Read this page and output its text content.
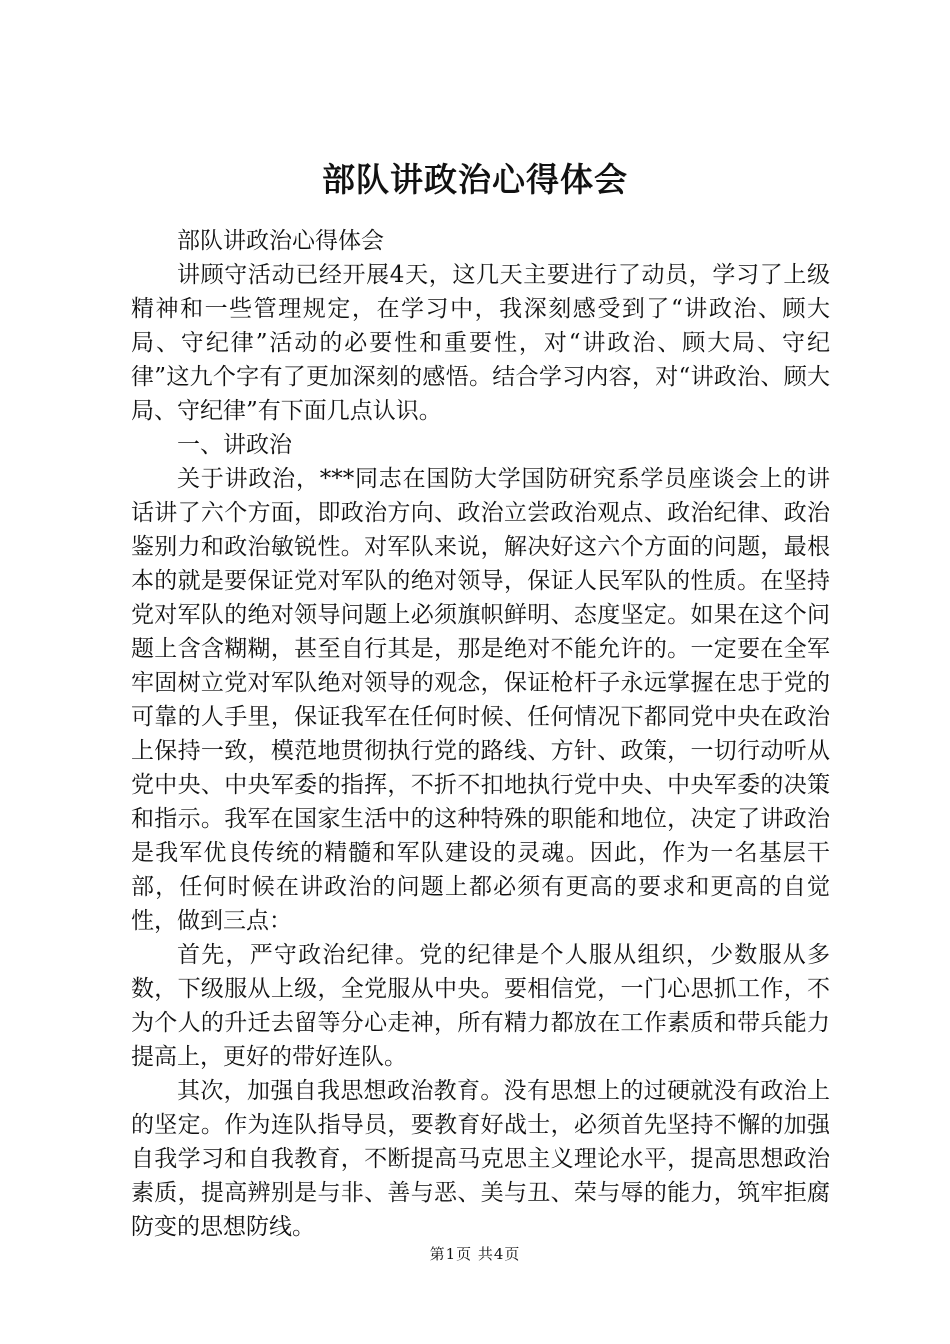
部队讲政治心得体会

部队讲政治心得体会

讲顾守活动已经开展4天，这几天主要进行了动员，学习了上级精神和一些管理规定，在学习中，我深刻感受到了“讲政治、顾大局、守纪律”活动的必要性和重要性，对“讲政治、顾大局、守纪律”这九个字有了更加深刻的感悟。结合学习内容，对“讲政治、顾大局、守纪律”有下面几点认识。

一、讲政治

关于讲政治，***同志在国防大学国防研究系学员座谈会上的讲话讲了六个方面，即政治方向、政治立尝政治观点、政治纪律、政治鉴别力和政治敏锐性。对军队来说，解决好这六个方面的问题，最根本的就是要保证党对军队的绝对领导，保证人民军队的性质。在坚持党对军队的绝对领导问题上必须旗帜鲜明、态度坚定。如果在这个问题上含含糊糊，甚至自行其是，那是绝对不能允许的。一定要在全军牢固树立党对军队绝对领导的观念，保证枪杆子永远掌握在忠于党的可靠的人手里，保证我军在任何时候、任何情况下都同党中央在政治上保持一致，模范地贯彻执行党的路线、方针、政策，一切行动听从党中央、中央军委的指挥，不折不扣地执行党中央、中央军委的决策和指示。我军在国家生活中的这种特殊的职能和地位，决定了讲政治是我军优良传统的精髓和军队建设的灵魂。因此，作为一名基层干部，任何时候在讲政治的问题上都必须有更高的要求和更高的自觉性，做到三点：

首先，严守政治纪律。党的纪律是个人服从组织，少数服从多数，下级服从上级，全党服从中央。要相信党，一门心思抓工作，不为个人的升迁去留等分心走神，所有精力都放在工作素质和带兵能力提高上，更好的带好连队。

其次，加强自我思想政治教育。没有思想上的过硬就没有政治上的坚定。作为连队指导员，要教育好战士，必须首先坚持不懈的加强自我学习和自我教育，不断提高马克思主义理论水平，提高思想政治素质，提高辨别是与非、善与恶、美与丑、荣与辱的能力，筑牢拒腐防变的思想防线。

第1页 共4页
